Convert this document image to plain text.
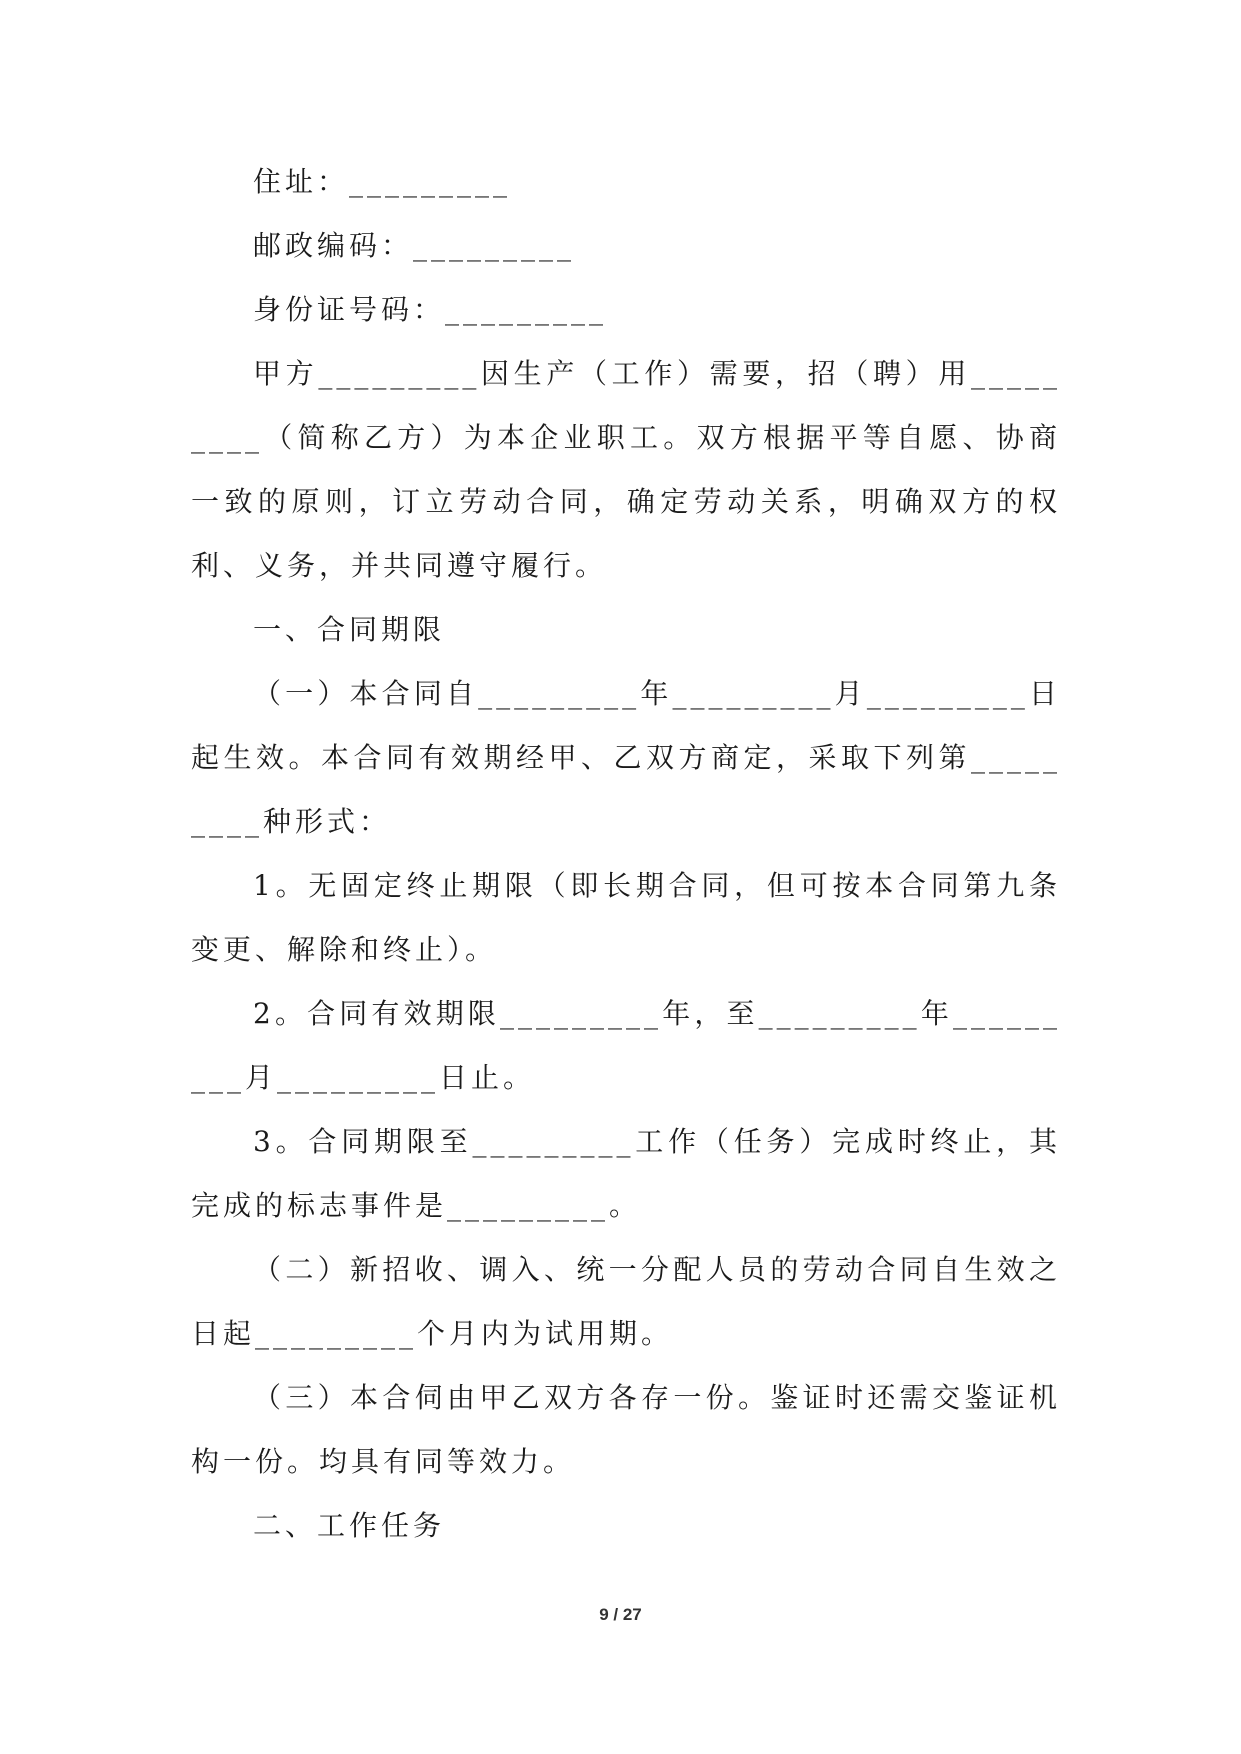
住址：_________

邮政编码：_________

身份证号码：_________

甲方_________因生产（工作）需要，招（聘）用_________（简称乙方）为本企业职工。双方根据平等自愿、协商一致的原则，订立劳动合同，确定劳动关系，明确双方的权利、义务，并共同遵守履行。

一、合同期限

（一）本合同自_________年_________月_________日起生效。本合同有效期经甲、乙双方商定，采取下列第_________种形式：

1。无固定终止期限（即长期合同，但可按本合同第九条变更、解除和终止）。

2。合同有效期限_________年，至_________年_________月_________日止。

3。合同期限至_________工作（任务）完成时终止，其完成的标志事件是_________。

（二）新招收、调入、统一分配人员的劳动合同自生效之日起_________个月内为试用期。

（三）本合伺由甲乙双方各存一份。鉴证时还需交鉴证机构一份。均具有同等效力。

二、工作任务

9 / 27
